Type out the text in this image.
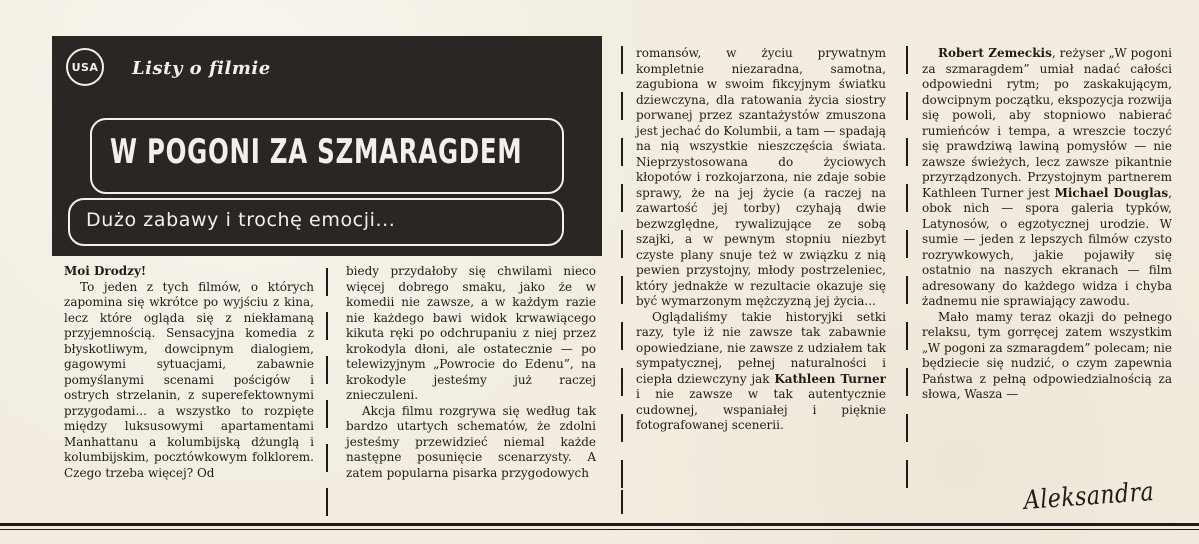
USA	Listy o filmie
W POGONI ZA SZMARAGDEM
Dużo zabawy i trochę emocji...

Moi Drodzy!

To jeden z tych filmów, o których zapomina się wkrótce po wyjściu z kina, lecz które ogląda się z niekłamaną przyjemnością. Sensacyjna komedia z błyskotliwym, dowcipnym dialogiem, gagowymi sytuacjami, zabawnie pomyślanymi scenami pościgów i ostrych strzelanin, z superefektownymi przygodami... a wszystko to rozpięte między luksusowymi apartamentami Manhattanu a kolumbijską dżunglą i kolumbijskim, pocztówkowym folklorem. Czego trzeba więcej? Od

biedy przydałoby się chwilami nieco więcej dobrego smaku, jako że w komedii nie zawsze, a w każdym razie nie każdego bawi widok krwawiącego kikuta ręki po odchrupaniu z niej przez krokodyla dłoni, ale ostatecznie — po telewizyjnym „Powrocie do Edenu”, na krokodyle jesteśmy już raczej znieczuleni.

Akcja filmu rozgrywa się według tak bardzo utartych schematów, że zdolni jesteśmy przewidzieć niemal każde następne posunięcie scenarzysty. A zatem popularna pisarka przygodowych

romansów, w życiu prywatnym kompletnie niezaradna, samotna, zagubiona w swoim fikcyjnym światku dziewczyna, dla ratowania życia siostry porwanej przez szantażystów zmuszona jest jechać do Kolumbii, a tam — spadają na nią wszystkie nieszczęścia świata. Nieprzystosowana do życiowych kłopotów i rozkojarzona, nie zdaje sobie sprawy, że na jej życie (a raczej na zawartość jej torby) czyhają dwie bezwzględne, rywalizujące ze sobą szajki, a w pewnym stopniu niezbyt czyste plany snuje też w związku z nią pewien przystojny, młody postrzeleniec, który jednakże w rezultacie okazuje się być wymarzonym mężczyzną jej życia...

Oglądaliśmy takie historyjki setki razy, tyle iż nie zawsze tak zabawnie opowiedziane, nie zawsze z udziałem tak sympatycznej, pełnej naturalności i ciepła dziewczyny jak Kathleen Turner i nie zawsze w tak autentycznie cudownej, wspaniałej i pięknie fotografowanej scenerii.

Robert Zemeckis, reżyser „W pogoni za szmaragdem” umiał nadać całości odpowiedni rytm; po zaskakującym, dowcipnym początku, ekspozycja rozwija się powoli, aby stopniowo nabierać rumieńców i tempa, a wreszcie toczyć się prawdziwą lawiną pomysłów — nie zawsze świeżych, lecz zawsze pikantnie przyrządzonych. Przystojnym partnerem Kathleen Turner jest Michael Douglas, obok nich — spora galeria typków, Latynosów, o egzotycznej urodzie. W sumie — jeden z lepszych filmów czysto rozrywkowych, jakie pojawiły się ostatnio na naszych ekranach — film adresowany do każdego widza i chyba żadnemu nie sprawiający zawodu.

Mało mamy teraz okazji do pełnego relaksu, tym gorręcej zatem wszystkim „W pogoni za szmaragdem” polecam; nie będziecie się nudzić, o czym zapewnia Państwa z pełną odpowiedzialnością za słowa, Wasza —

Aleksandra
